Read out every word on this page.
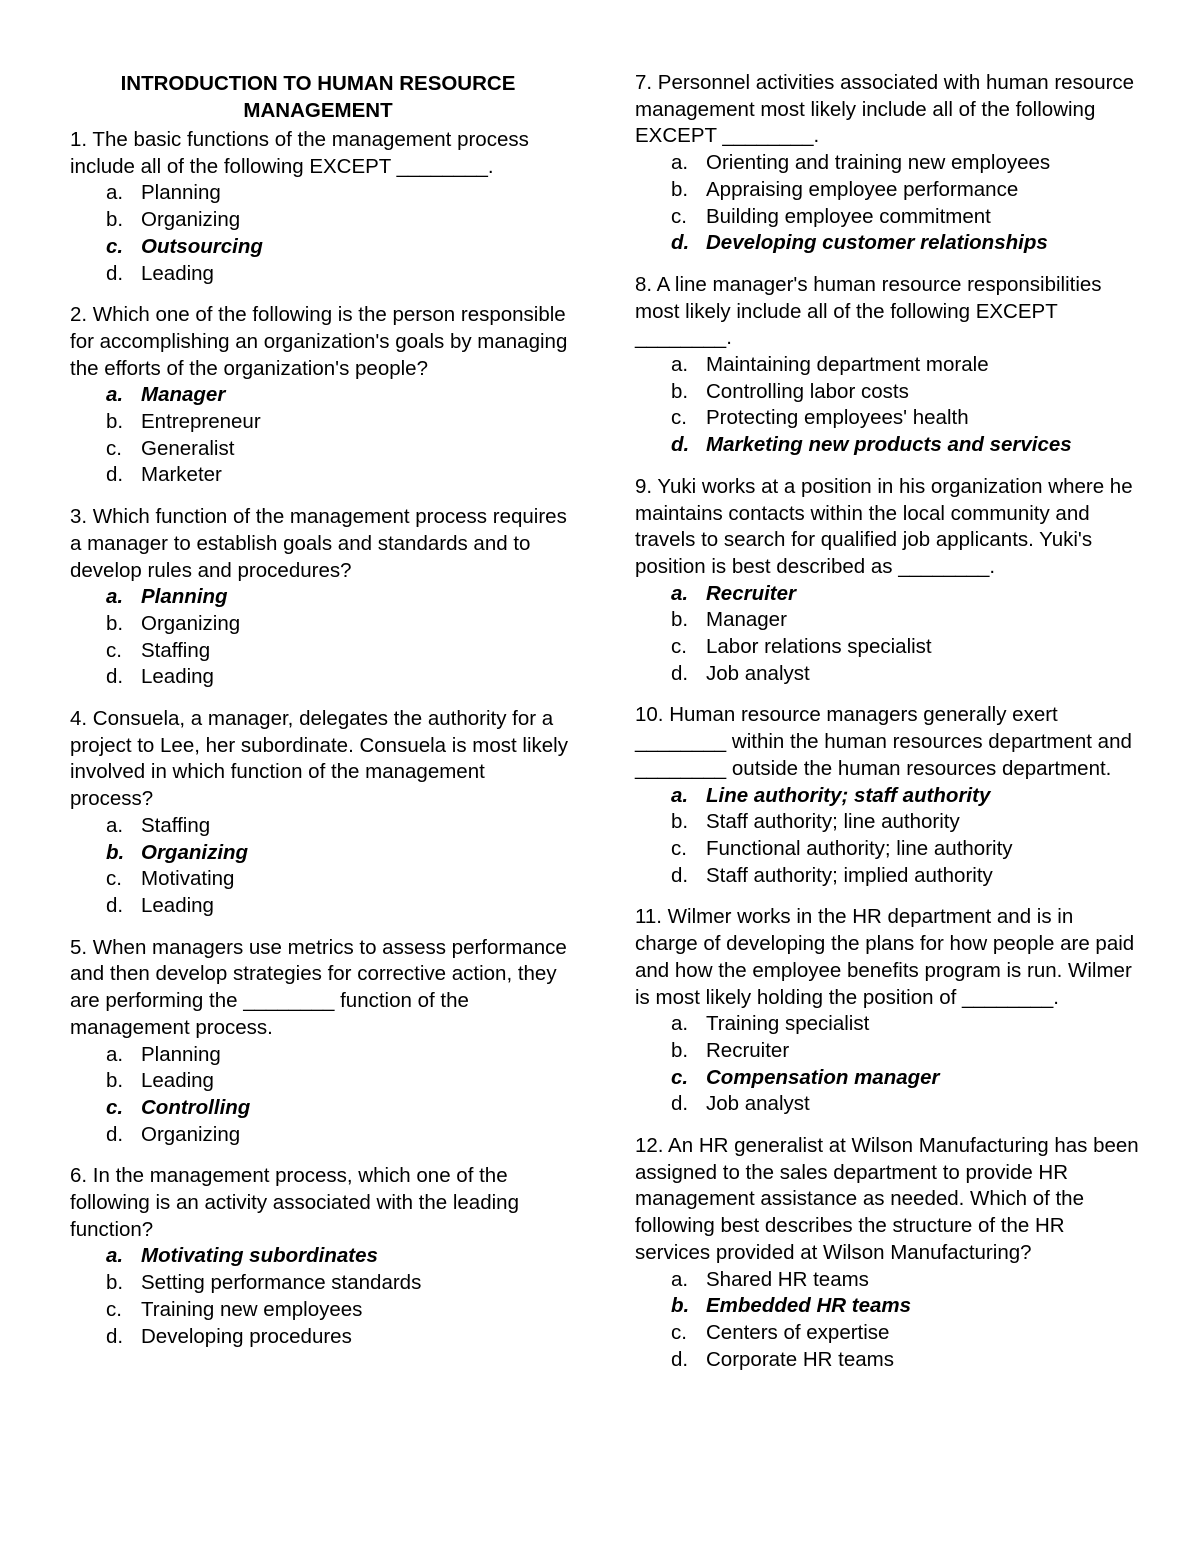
INTRODUCTION TO HUMAN RESOURCE MANAGEMENT

1. The basic functions of the management process include all of the following EXCEPT ________.

a. Planning
b. Organizing
c. Outsourcing
d. Leading

2. Which one of the following is the person responsible for accomplishing an organization's goals by managing the efforts of the organization's people?

a. Manager
b. Entrepreneur
c. Generalist
d. Marketer

3. Which function of the management process requires a manager to establish goals and standards and to develop rules and procedures?

a. Planning
b. Organizing
c. Staffing
d. Leading

4. Consuela, a manager, delegates the authority for a project to Lee, her subordinate. Consuela is most likely involved in which function of the management process?

a. Staffing
b. Organizing
c. Motivating
d. Leading

5. When managers use metrics to assess performance and then develop strategies for corrective action, they are performing the ________ function of the management process.

a. Planning
b. Leading
c. Controlling
d. Organizing

6. In the management process, which one of the following is an activity associated with the leading function?

a. Motivating subordinates
b. Setting performance standards
c. Training new employees
d. Developing procedures

7. Personnel activities associated with human resource management most likely include all of the following EXCEPT ________.

a. Orienting and training new employees
b. Appraising employee performance
c. Building employee commitment
d. Developing customer relationships

8. A line manager's human resource responsibilities most likely include all of the following EXCEPT ________.

a. Maintaining department morale
b. Controlling labor costs
c. Protecting employees' health
d. Marketing new products and services

9. Yuki works at a position in his organization where he maintains contacts within the local community and travels to search for qualified job applicants. Yuki's position is best described as ________.

a. Recruiter
b. Manager
c. Labor relations specialist
d. Job analyst

10. Human resource managers generally exert ________ within the human resources department and ________ outside the human resources department.

a. Line authority; staff authority
b. Staff authority; line authority
c. Functional authority; line authority
d. Staff authority; implied authority

11. Wilmer works in the HR department and is in charge of developing the plans for how people are paid and how the employee benefits program is run. Wilmer is most likely holding the position of ________.

a. Training specialist
b. Recruiter
c. Compensation manager
d. Job analyst

12. An HR generalist at Wilson Manufacturing has been assigned to the sales department to provide HR management assistance as needed. Which of the following best describes the structure of the HR services provided at Wilson Manufacturing?

a. Shared HR teams
b. Embedded HR teams
c. Centers of expertise
d. Corporate HR teams
